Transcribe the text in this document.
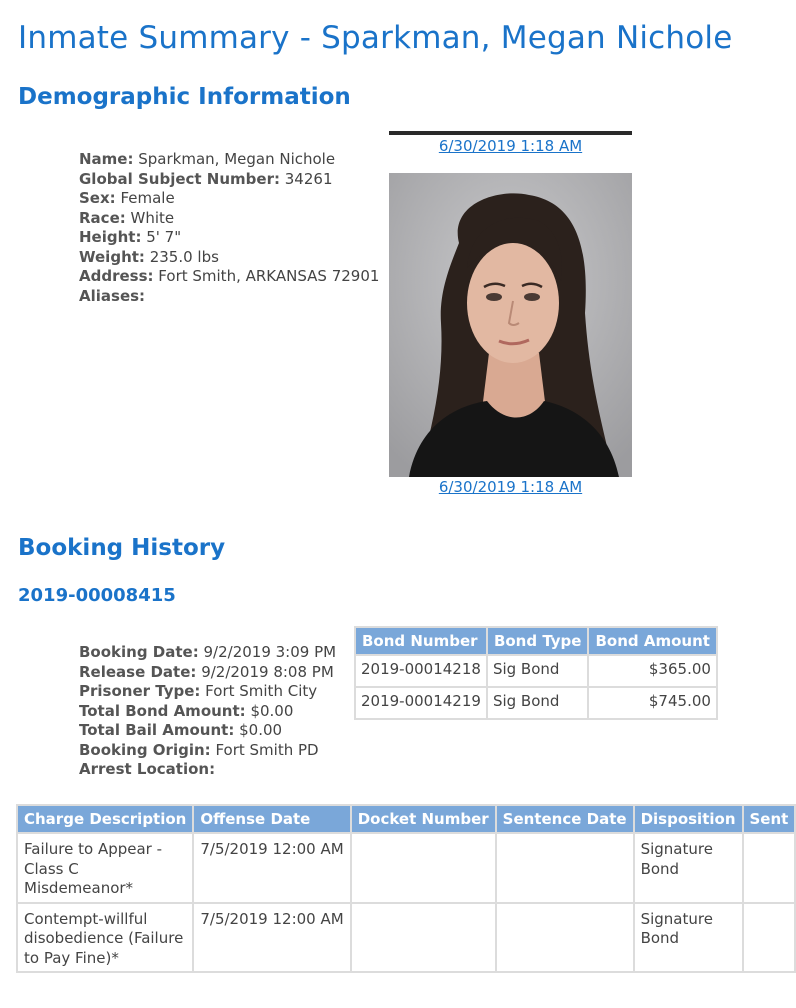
Inmate Summary - Sparkman, Megan Nichole
Demographic Information
Name: Sparkman, Megan Nichole
Global Subject Number: 34261
Sex: Female
Race: White
Height: 5' 7"
Weight: 235.0 lbs
Address: Fort Smith, ARKANSAS 72901
Aliases:
6/30/2019 1:18 AM
6/30/2019 1:18 AM
Booking History
2019-00008415
Booking Date: 9/2/2019 3:09 PM
Release Date: 9/2/2019 8:08 PM
Prisoner Type: Fort Smith City
Total Bond Amount: $0.00
Total Bail Amount: $0.00
Booking Origin: Fort Smith PD
Arrest Location:
Bond Number	Bond Type	Bond Amount
2019-00014218	Sig Bond	$365.00
2019-00014219	Sig Bond	$745.00
Charge Description	Offense Date	Docket Number	Sentence Date	Disposition	Sent
Failure to Appear - Class C Misdemeanor*	7/5/2019 12:00 AM			Signature Bond	
Contempt-willful disobedience (Failure to Pay Fine)*	7/5/2019 12:00 AM			Signature Bond	
